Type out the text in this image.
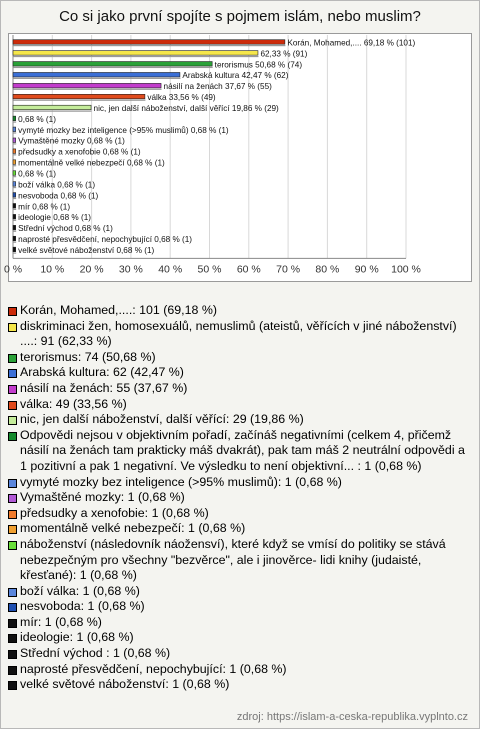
Co si jako první spojíte s pojmem islám, nebo muslim?
0 % 10 % 20 % 30 % 40 % 50 % 60 % 70 % 80 % 90 % 100 %
Korán, Mohamed,.... 69,18 % (101)
62,33 % (91)
terorismus 50,68 % (74)
Arabská kultura 42,47 % (62)
násilí na ženách 37,67 % (55)
válka 33,56 % (49)
nic, jen další náboženství, další věřící 19,86 % (29)
0,68 % (1)
vymyté mozky bez inteligence (>95% muslimů) 0,68 % (1)
Vymaštěné mozky 0,68 % (1)
předsudky a xenofobie 0,68 % (1)
momentálně velké nebezpečí 0,68 % (1)
0,68 % (1)
boží válka 0,68 % (1)
nesvoboda 0,68 % (1)
mír 0,68 % (1)
ideologie 0,68 % (1)
Střední východ 0,68 % (1)
naprosté přesvědčení, nepochybující 0,68 % (1)
velké světové náboženství 0,68 % (1)
Korán, Mohamed,....: 101 (69,18 %)
diskriminaci žen, homosexuálů, nemuslimů (ateistů, věřících v jiné náboženství) ....: 91 (62,33 %)
terorismus: 74 (50,68 %)
Arabská kultura: 62 (42,47 %)
násilí na ženách: 55 (37,67 %)
válka: 49 (33,56 %)
nic, jen další náboženství, další věřící: 29 (19,86 %)
Odpovědi nejsou v objektivním pořadí, začínáš negativními (celkem 4, přičemž násilí na ženách tam prakticky máš dvakrát), pak tam máš 2 neutrální odpovědi a 1 pozitivní a pak 1 negativní. Ve výsledku to není objektivní... : 1 (0,68 %)
vymyté mozky bez inteligence (>95% muslimů): 1 (0,68 %)
Vymaštěné mozky: 1 (0,68 %)
předsudky a xenofobie: 1 (0,68 %)
momentálně velké nebezpečí: 1 (0,68 %)
náboženství (následovník náožensví), které když se vmísí do politiky se stává nebezpečným pro všechny "bezvěrce", ale i jinověrce- lidi knihy (judaisté, křesťané): 1 (0,68 %)
boží válka: 1 (0,68 %)
nesvoboda: 1 (0,68 %)
mír: 1 (0,68 %)
ideologie: 1 (0,68 %)
Střední východ : 1 (0,68 %)
naprosté přesvědčení, nepochybující: 1 (0,68 %)
velké světové náboženství: 1 (0,68 %)
zdroj: https://islam-a-ceska-republika.vyplnto.cz
